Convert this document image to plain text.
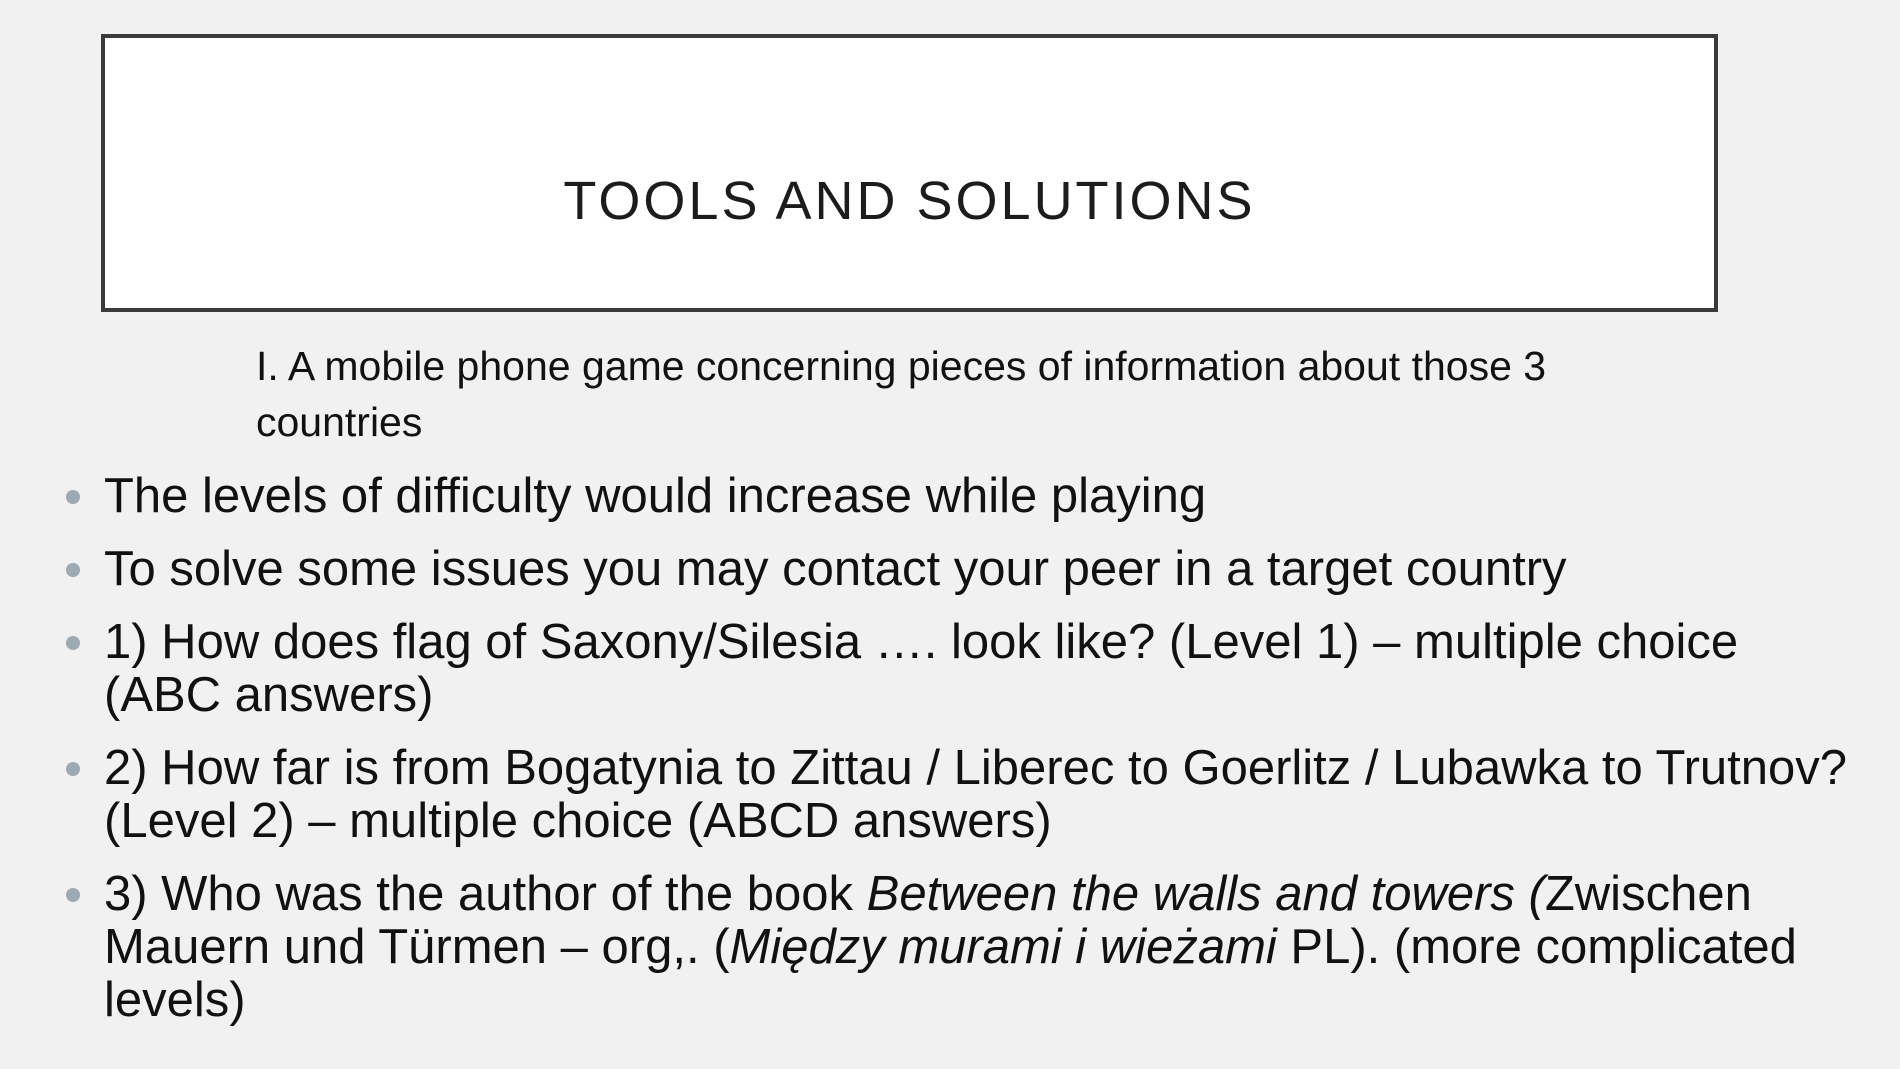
TOOLS AND SOLUTIONS
I. A mobile phone game concerning pieces of information about those 3 countries
The levels of difficulty would increase while playing
To solve some issues you may contact your peer in a target country
1) How does flag of Saxony/Silesia …. look like? (Level 1) – multiple choice (ABC answers)
2) How far is from Bogatynia to Zittau / Liberec to Goerlitz / Lubawka to Trutnov? (Level 2) – multiple choice (ABCD answers)
3) Who was the author of the book Between the walls and towers (Zwischen Mauern und Türmen – org,. (Między murami i wieżami PL). (more complicated levels)
